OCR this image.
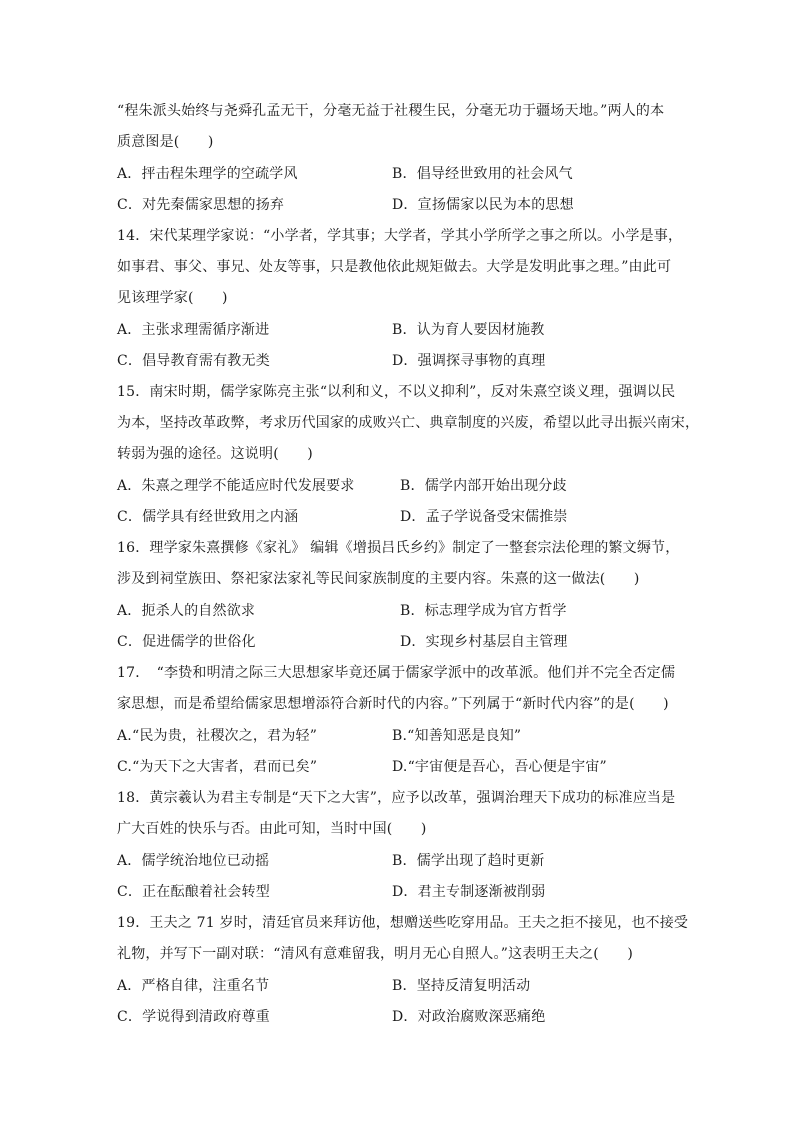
“程朱派头始终与尧舜孔孟无干，分毫无益于社稷生民，分毫无功于疆场天地。”两人的本
质意图是(　　)
A．抨击程朱理学的空疏学风	B．倡导经世致用的社会风气
C．对先秦儒家思想的扬弃	D．宣扬儒家以民为本的思想
14．宋代某理学家说：“小学者，学其事；大学者，学其小学所学之事之所以。小学是事，
如事君、事父、事兄、处友等事，只是教他依此规矩做去。大学是发明此事之理。”由此可
见该理学家(　　)
A．主张求理需循序渐进	B．认为育人要因材施教
C．倡导教育需有教无类	D．强调探寻事物的真理
15．南宋时期，儒学家陈亮主张“以利和义，不以义抑利”，反对朱熹空谈义理，强调以民
为本，坚持改革政弊，考求历代国家的成败兴亡、典章制度的兴废，希望以此寻出振兴南宋，
转弱为强的途径。这说明(　　)
A．朱熹之理学不能适应时代发展要求	B．儒学内部开始出现分歧
C．儒学具有经世致用之内涵	D．孟子学说备受宋儒推崇
16．理学家朱熹撰修《家礼》 编辑《增损吕氏乡约》制定了一整套宗法伦理的繁文缛节，
涉及到祠堂族田、祭祀家法家礼等民间家族制度的主要内容。朱熹的这一做法(　　)
A．扼杀人的自然欲求	B．标志理学成为官方哲学
C．促进儒学的世俗化	D．实现乡村基层自主管理
17．　“李贽和明清之际三大思想家毕竟还属于儒家学派中的改革派。他们并不完全否定儒
家思想，而是希望给儒家思想增添符合新时代的内容。”下列属于“新时代内容”的是(　　)
A.“民为贵，社稷次之，君为轻”	B.“知善知恶是良知”
C.“为天下之大害者，君而已矣”	D.“宇宙便是吾心，吾心便是宇宙”
18．黄宗羲认为君主专制是“天下之大害”，应予以改革，强调治理天下成功的标准应当是
广大百姓的快乐与否。由此可知，当时中国(　　)
A．儒学统治地位已动摇	B．儒学出现了趋时更新
C．正在酝酿着社会转型	D．君主专制逐渐被削弱
19．王夫之 71 岁时，清廷官员来拜访他，想赠送些吃穿用品。王夫之拒不接见，也不接受
礼物，并写下一副对联：“清风有意难留我，明月无心自照人。”这表明王夫之(　　)
A．严格自律，注重名节	B．坚持反清复明活动
C．学说得到清政府尊重	D．对政治腐败深恶痛绝
